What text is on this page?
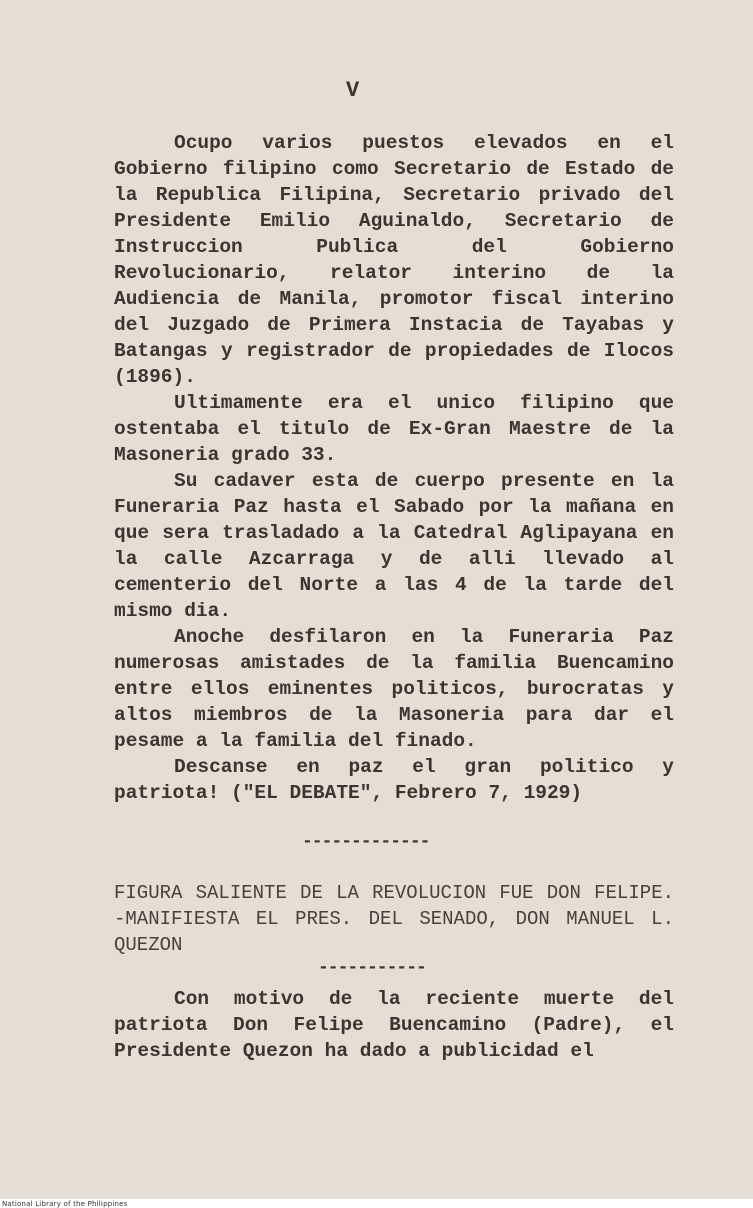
V

Ocupo varios puestos elevados en el Gobierno filipino como Secretario de Estado de la Republica Filipina, Secretario privado del Presidente Emilio Aguinaldo, Secretario de Instruccion Publica del Gobierno Revolucionario, relator interino de la Audiencia de Manila, promotor fiscal interino del Juzgado de Primera Instacia de Tayabas y Batangas y registrador de propiedades de Ilocos (1896).

Ultimamente era el unico filipino que ostentaba el titulo de Ex-Gran Maestre de la Masoneria grado 33.

Su cadaver esta de cuerpo presente en la Funeraria Paz hasta el Sabado por la mañana en que sera trasladado a la Catedral Aglipayana en la calle Azcarraga y de alli llevado al cementerio del Norte a las 4 de la tarde del mismo dia.

Anoche desfilaron en la Funeraria Paz numerosas amistades de la familia Buencamino entre ellos eminentes politicos, burocratas y altos miembros de la Masoneria para dar el pesame a la familia del finado.

Descanse en paz el gran politico y patriota! ("EL DEBATE", Febrero 7, 1929)

-------------
FIGURA SALIENTE DE LA REVOLUCION FUE DON FELIPE. -MANIFIESTA EL PRES. DEL SENADO, DON MANUEL L. QUEZON
-----------

Con motivo de la reciente muerte del patriota Don Felipe Buencamino (Padre), el Presidente Quezon ha dado a publicidad el

National Library of the Philippines
